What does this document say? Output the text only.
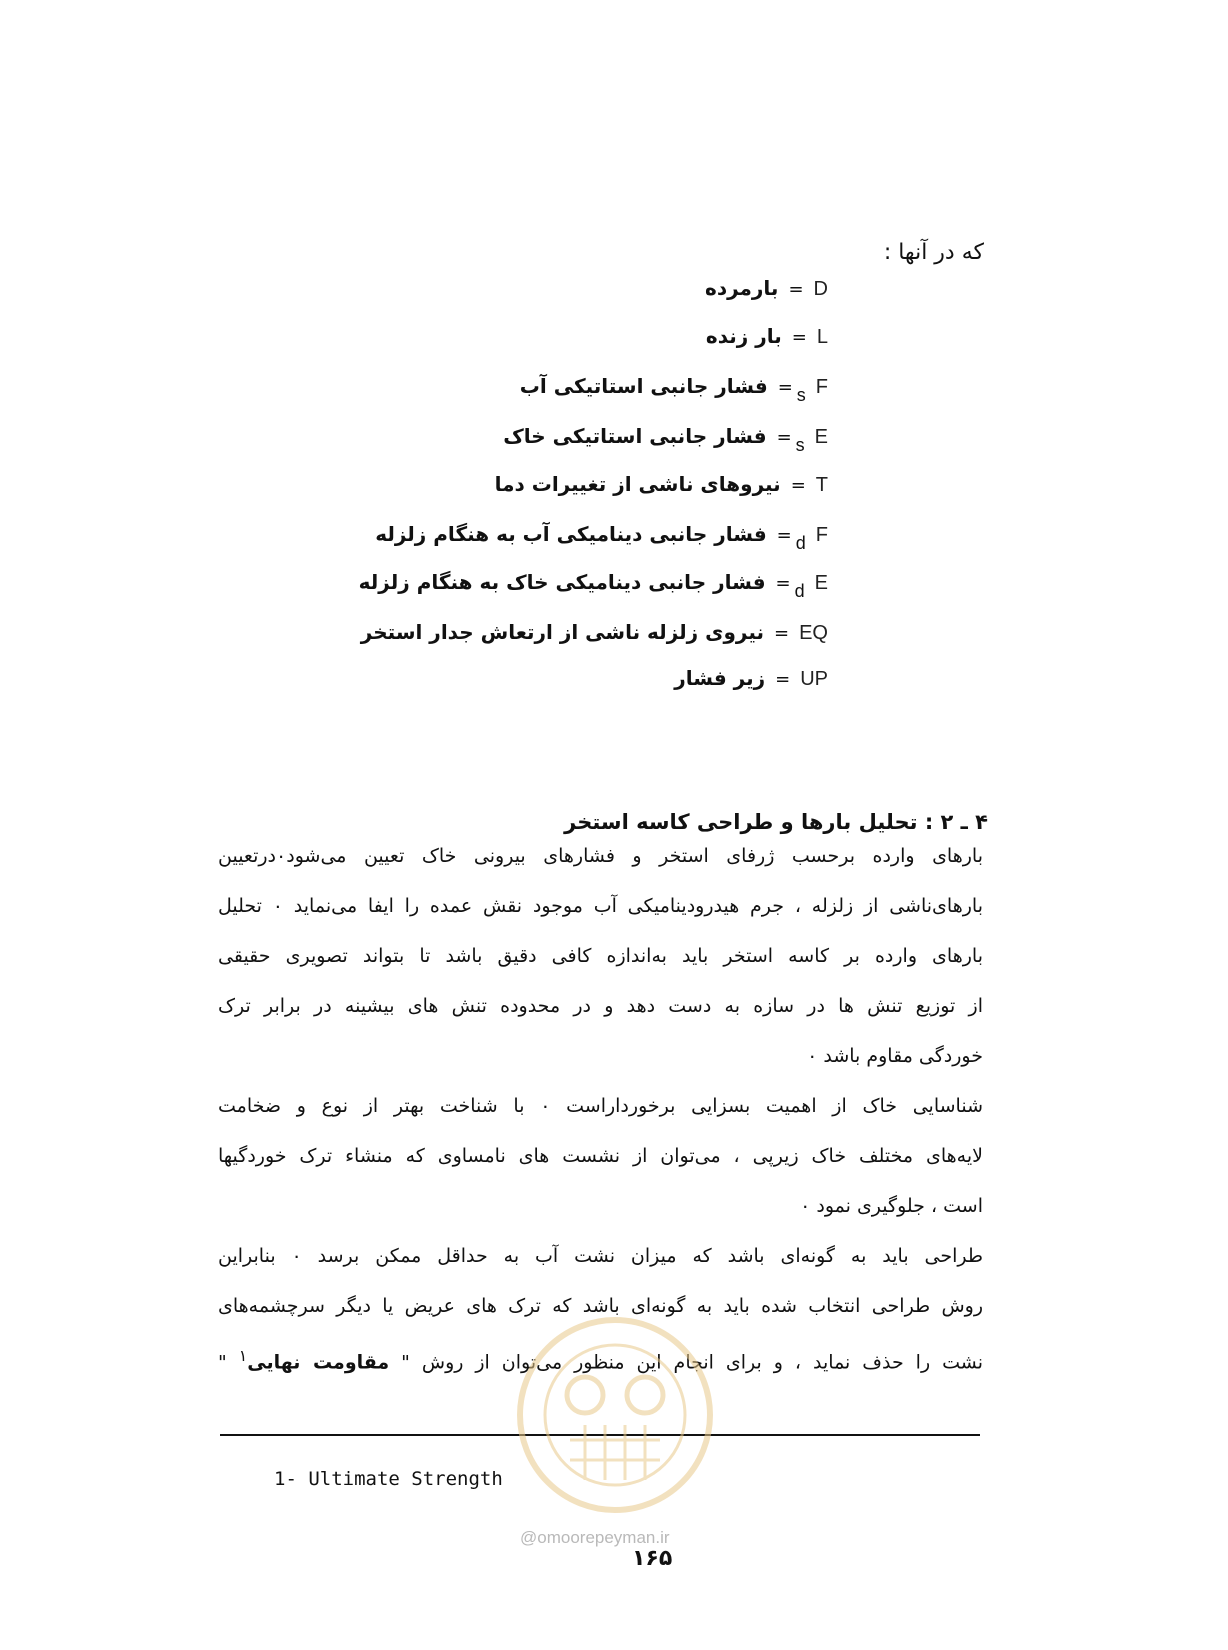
که در آنها :
D
=
بارمرده
L
=
بار زنده
F
$_s$
=
فشار جانبی استاتیکی آب
E
$_s$
=
فشار جانبی استاتیکی خاک
T
=
نیروهای ناشی از تغییرات دما
F
$_d$
=
فشار جانبی دینامیکی آب به هنگام زلزله
E
$_d$
=
فشار جانبی دینامیکی خاک به هنگام زلزله
EQ
=
نیروی زلزله ناشی از ارتعاش جدار استخر
UP
=
زیر فشار
۴ ـ ۲ : تحلیل بارها و طراحی کاسه استخر
بارهای وارده برحسب ژرفای استخر و فشارهای بیرونی خاک تعیین می‌شود۰درتعیین
بارهای‌ناشی از زلزله ، جرم هیدرودینامیکی آب موجود نقش عمده را ایفا می‌نماید ۰ تحلیل
بارهای وارده بر کاسه استخر باید به‌اندازه کافی دقیق باشد تا بتواند تصویری حقیقی
از توزیع تنش ها در سازه به دست دهد و در محدوده تنش های بیشینه در برابر ترک
خوردگی مقاوم باشد ۰
شناسایی خاک از اهمیت بسزایی برخورداراست ۰ با شناخت بهتر از نوع و ضخامت
لایه‌های مختلف خاک زیرپی ، می‌توان از نشست های نامساوی که منشاء ترک خوردگیها
است ، جلوگیری نمود ۰
طراحی باید به گونه‌ای باشد که میزان نشت آب به حداقل ممکن برسد ۰ بنابراین
روش طراحی انتخاب شده باید به گونه‌ای باشد که ترک های عریض یا دیگر سرچشمه‌های
نشت را حذف نماید ، و برای انجام این منظور می‌توان از روش " مقاومت نهایی$^۱$ "
1- Ultimate Strength
@omoorepeyman.ir
۱۶۵
